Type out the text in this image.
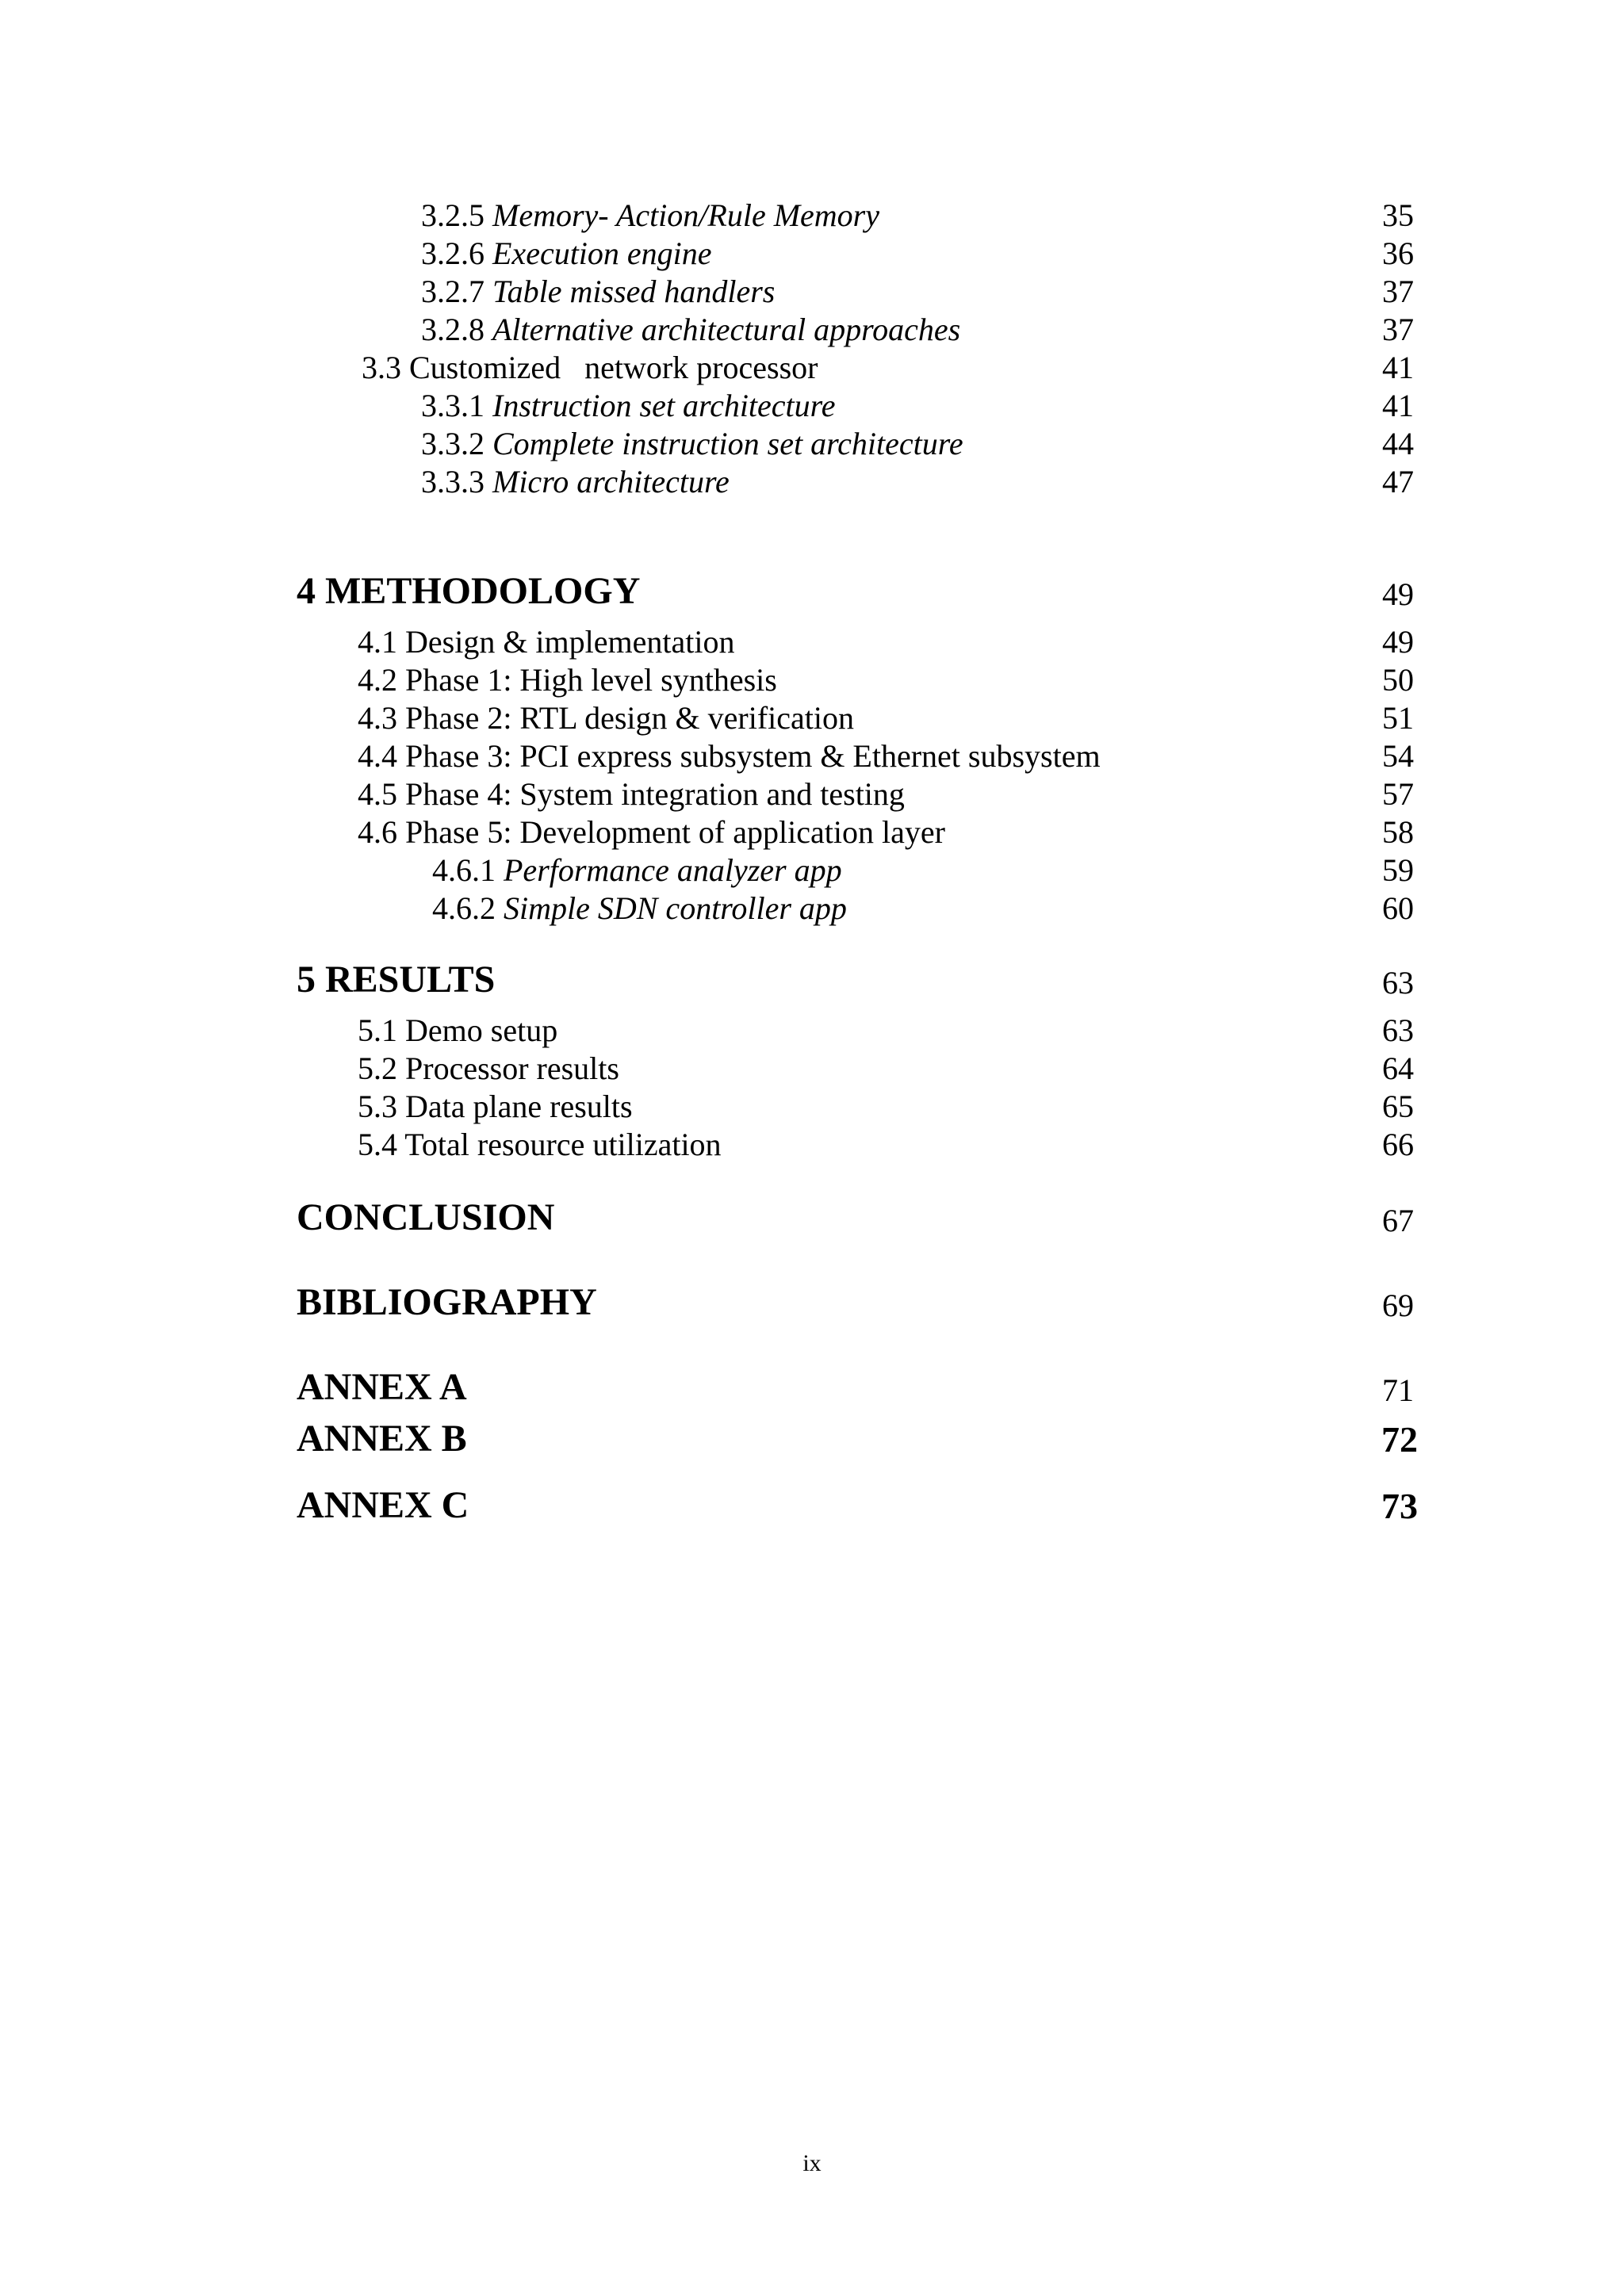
3.2.5 Memory- Action/Rule Memory	35
3.2.6 Execution engine	36
3.2.7 Table missed handlers	37
3.2.8 Alternative architectural approaches	37
3.3 Customized   network processor	41
3.3.1 Instruction set architecture	41
3.3.2 Complete instruction set architecture	44
3.3.3 Micro architecture	47
4 METHODOLOGY	49
4.1 Design & implementation	49
4.2 Phase 1: High level synthesis	50
4.3 Phase 2: RTL design & verification	51
4.4 Phase 3: PCI express subsystem & Ethernet subsystem	54
4.5 Phase 4: System integration and testing	57
4.6 Phase 5: Development of application layer	58
4.6.1 Performance analyzer app	59
4.6.2 Simple SDN controller app	60
5 RESULTS	63
5.1 Demo setup	63
5.2 Processor results	64
5.3 Data plane results	65
5.4 Total resource utilization	66
CONCLUSION	67
BIBLIOGRAPHY	69
ANNEX A	71
ANNEX B	72
ANNEX C	73
ix
